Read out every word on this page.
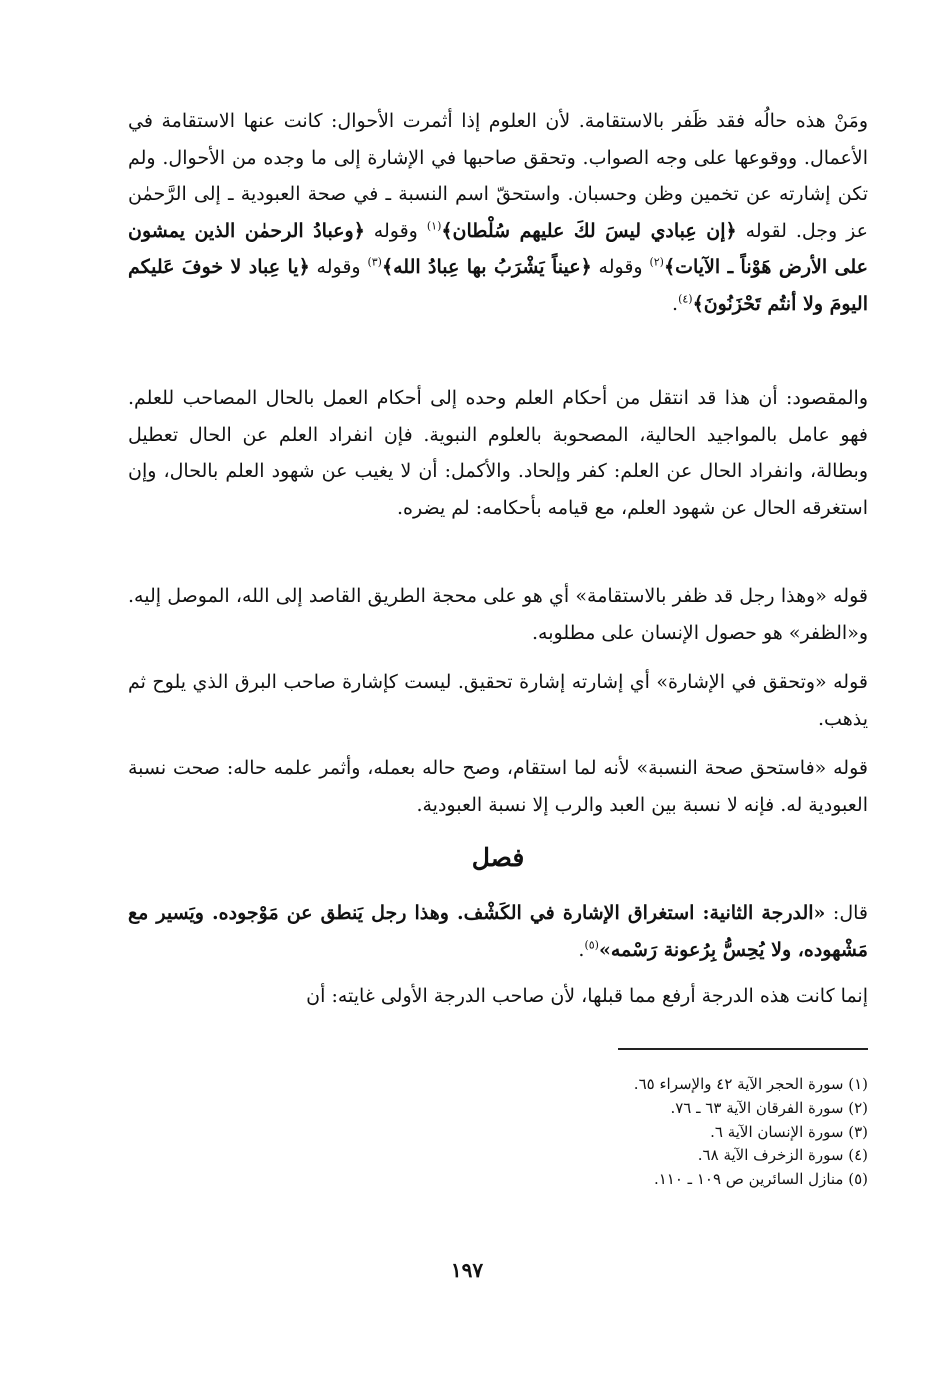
ومَنْ هذه حالُه فقد ظَفر بالاستقامة. لأن العلوم إذا أثمرت الأحوال: كانت عنها الاستقامة في الأعمال. ووقوعها على وجه الصواب. وتحقق صاحبها في الإشارة إلى ما وجده من الأحوال. ولم تكن إشارته عن تخمين وظن وحسبان. واستحقّ اسم النسبة ـ في صحة العبودية ـ إلى الرَّحمٰن عز وجل. لقوله ﴿إن عِبادي ليسَ لكَ عليهم سُلْطان﴾$^{(١)}$ وقوله ﴿وعبادُ الرحمٰن الذين يمشون على الأرض هَوْناً ـ الآيات﴾$^{(٢)}$ وقوله ﴿عيناً يَشْرَبُ بها عِبادُ الله﴾$^{(٣)}$ وقوله ﴿يا عِباد لا خوفَ عَليكم اليومَ ولا أنتُم تَحْزَنُونَ﴾$^{(٤)}$.

والمقصود: أن هذا قد انتقل من أحكام العلم وحده إلى أحكام العمل بالحال المصاحب للعلم. فهو عامل بالمواجيد الحالية، المصحوبة بالعلوم النبوية. فإن انفراد العلم عن الحال تعطيل وبطالة، وانفراد الحال عن العلم: كفر وإلحاد. والأكمل: أن لا يغيب عن شهود العلم بالحال، وإن استغرقه الحال عن شهود العلم، مع قيامه بأحكامه: لم يضره.

قوله «وهذا رجل قد ظفر بالاستقامة» أي هو على محجة الطريق القاصد إلى الله، الموصل إليه. و«الظفر» هو حصول الإنسان على مطلوبه.

قوله «وتحقق في الإشارة» أي إشارته إشارة تحقيق. ليست كإشارة صاحب البرق الذي يلوح ثم يذهب.

قوله «فاستحق صحة النسبة» لأنه لما استقام، وصح حاله بعمله، وأثمر علمه حاله: صحت نسبة العبودية له. فإنه لا نسبة بين العبد والرب إلا نسبة العبودية.

فصل

قال: «الدرجة الثانية: استغراق الإشارة في الكَشْف. وهذا رجل يَنطق عن مَوْجوده. ويَسير مع مَشْهوده، ولا يُحِسُّ بِرُعونة رَسْمه»$^{(٥)}$.

إنما كانت هذه الدرجة أرفع مما قبلها، لأن صاحب الدرجة الأولى غايته: أن

(١) سورة الحجر الآية ٤٢ والإسراء ٦٥.
(٢) سورة الفرقان الآية ٦٣ ـ ٧٦.
(٣) سورة الإنسان الآية ٦.
(٤) سورة الزخرف الآية ٦٨.
(٥) منازل السائرين ص ١٠٩ ـ ١١٠.

١٩٧
